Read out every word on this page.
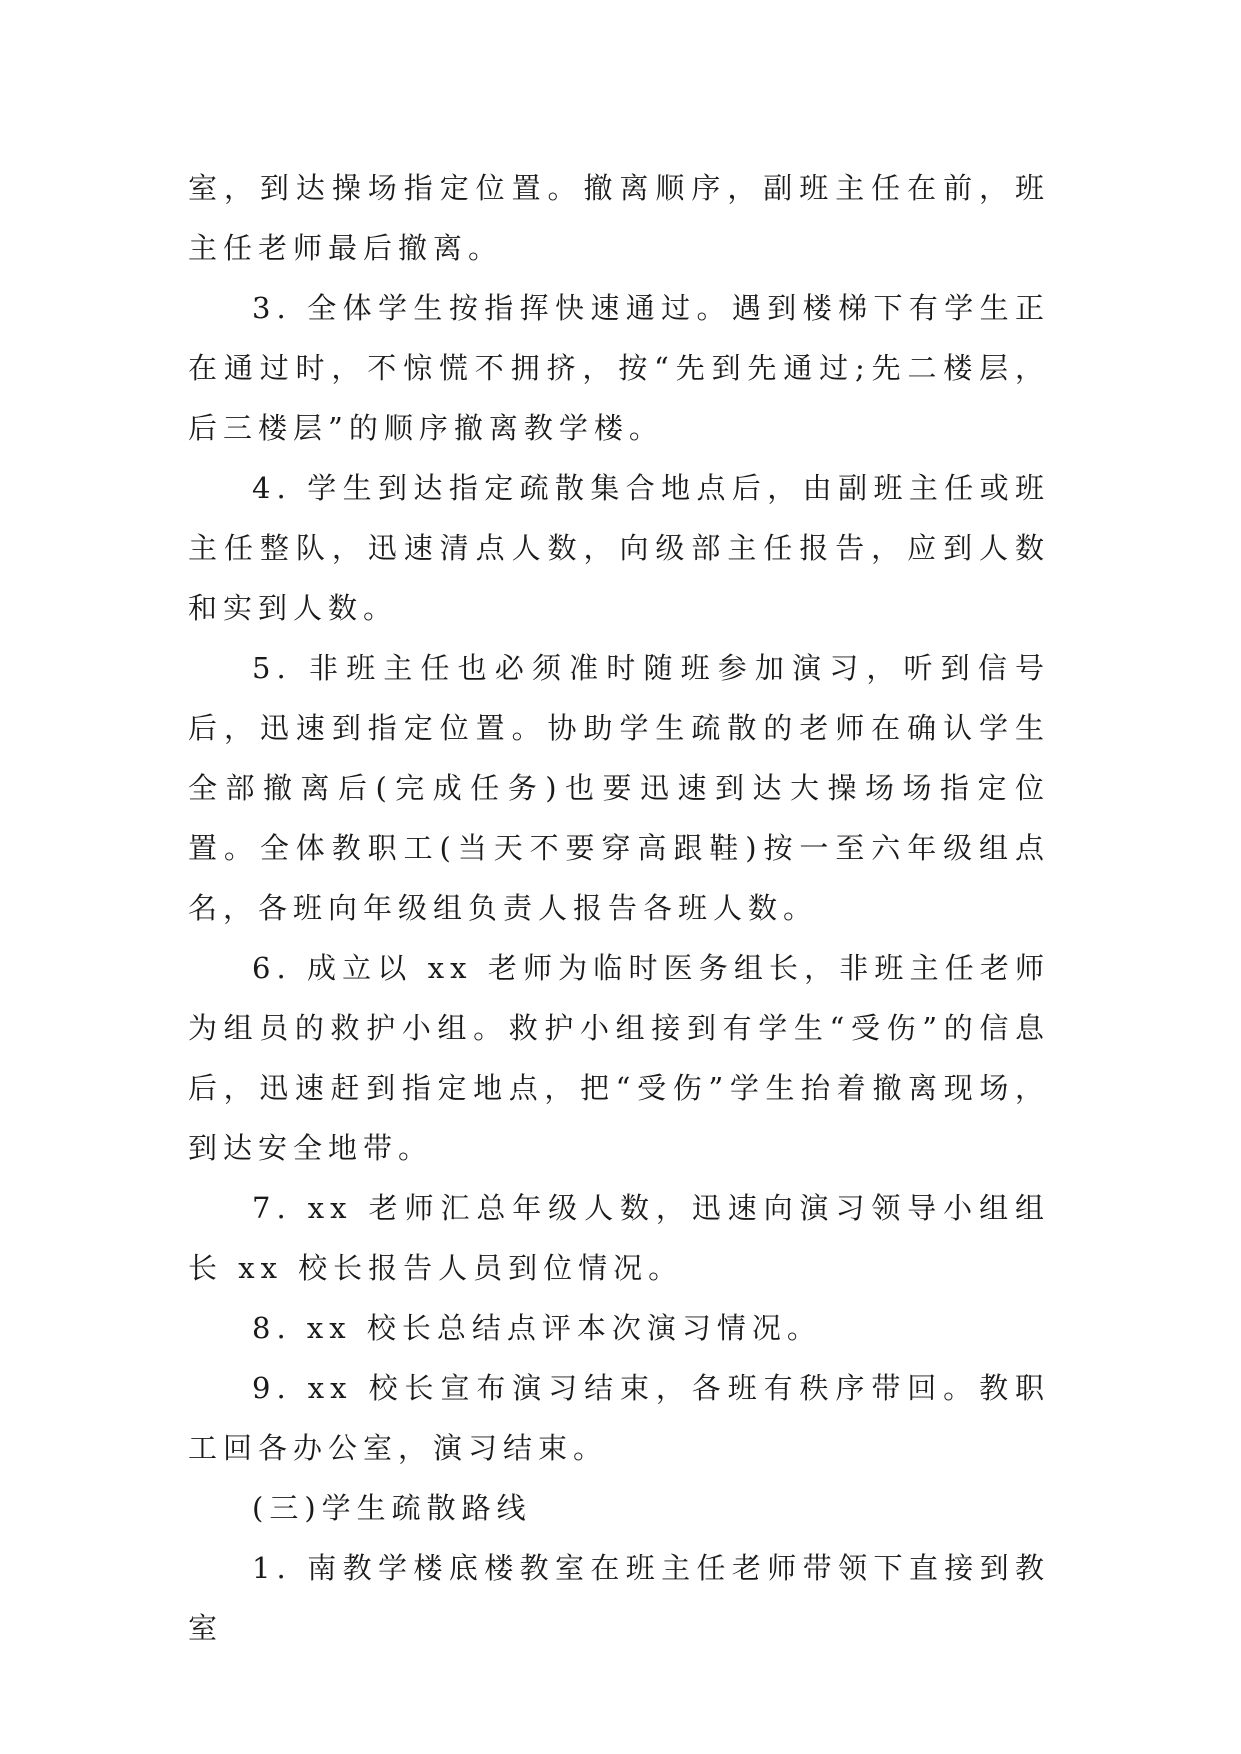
室，到达操场指定位置。撤离顺序，副班主任在前，班主任老师最后撤离。

3. 全体学生按指挥快速通过。遇到楼梯下有学生正在通过时，不惊慌不拥挤，按“先到先通过;先二楼层，后三楼层”的顺序撤离教学楼。

4. 学生到达指定疏散集合地点后，由副班主任或班主任整队，迅速清点人数，向级部主任报告，应到人数和实到人数。

5. 非班主任也必须准时随班参加演习，听到信号后，迅速到指定位置。协助学生疏散的老师在确认学生全部撤离后(完成任务)也要迅速到达大操场场指定位置。全体教职工(当天不要穿高跟鞋)按一至六年级组点名，各班向年级组负责人报告各班人数。

6. 成立以 xx 老师为临时医务组长，非班主任老师为组员的救护小组。救护小组接到有学生“受伤”的信息后，迅速赶到指定地点，把“受伤”学生抬着撤离现场，到达安全地带。

7. xx 老师汇总年级人数，迅速向演习领导小组组长 xx 校长报告人员到位情况。

8. xx 校长总结点评本次演习情况。

9. xx 校长宣布演习结束，各班有秩序带回。教职工回各办公室，演习结束。

(三)学生疏散路线

1. 南教学楼底楼教室在班主任老师带领下直接到教室
